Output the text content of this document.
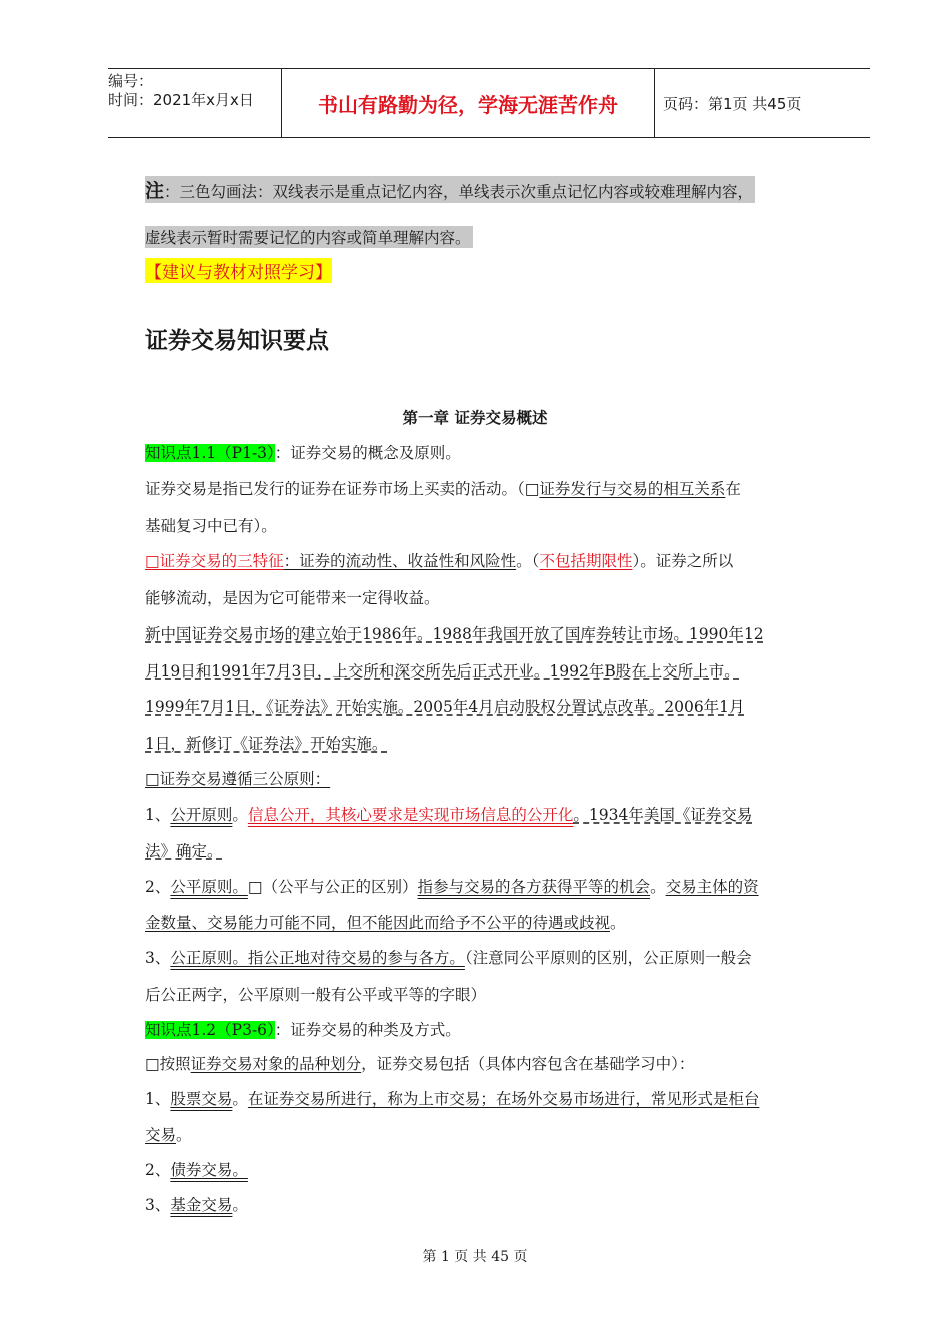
编号：
时间：2021年x月x日	书山有路勤为径，学海无涯苦作舟	页码：第1页 共45页
注：三色勾画法：双线表示是重点记忆内容，单线表示次重点记忆内容或较难理解内容，
虚线表示暂时需要记忆的内容或简单理解内容。
【建议与教材对照学习】
证券交易知识要点
第一章 证券交易概述
知识点1.1（P1-3）：证券交易的概念及原则。
证券交易是指已发行的证券在证券市场上买卖的活动。（□证券发行与交易的相互关系在
基础复习中已有）。
□证券交易的三特征：证券的流动性、收益性和风险性。（不包括期限性）。证券之所以
能够流动，是因为它可能带来一定得收益。
新中国证券交易市场的建立始于1986年。1988年我国开放了国库券转让市场。1990年12
月19日和1991年7月3日，上交所和深交所先后正式开业。1992年B股在上交所上市。
1999年7月1日，《证券法》开始实施。2005年4月启动股权分置试点改革。2006年1月
1日，新修订《证券法》开始实施。
□证券交易遵循三公原则：
1、公开原则。信息公开，其核心要求是实现市场信息的公开化。1934年美国《证券交易
法》确定。
2、公平原则。□（公平与公正的区别）指参与交易的各方获得平等的机会。交易主体的资
金数量、交易能力可能不同，但不能因此而给予不公平的待遇或歧视。
3、公正原则。指公正地对待交易的参与各方。（注意同公平原则的区别，公正原则一般会
后公正两字，公平原则一般有公平或平等的字眼）
知识点1.2（P3-6）：证券交易的种类及方式。
□按照证券交易对象的品种划分，证券交易包括（具体内容包含在基础学习中）：
1、股票交易。在证券交易所进行，称为上市交易；在场外交易市场进行，常见形式是柜台
交易。
2、债券交易。
3、基金交易。
第 1 页 共 45 页
